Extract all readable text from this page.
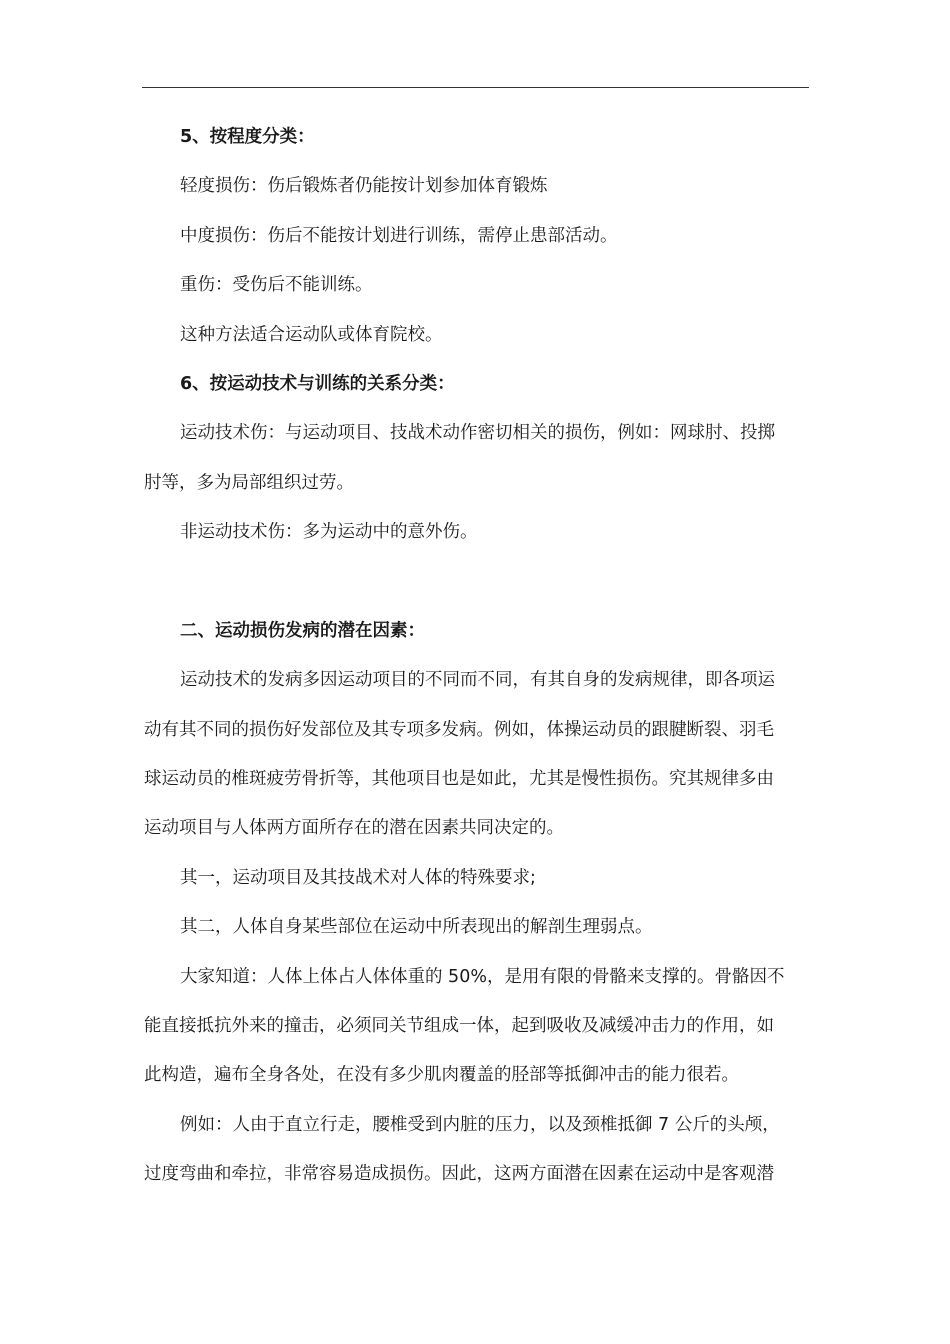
5、按程度分类：
轻度损伤：伤后锻炼者仍能按计划参加体育锻炼
中度损伤：伤后不能按计划进行训练，需停止患部活动。
重伤：受伤后不能训练。
这种方法适合运动队或体育院校。
6、按运动技术与训练的关系分类：
运动技术伤：与运动项目、技战术动作密切相关的损伤，例如：网球肘、投掷
肘等，多为局部组织过劳。
非运动技术伤：多为运动中的意外伤。
二、运动损伤发病的潜在因素：
运动技术的发病多因运动项目的不同而不同，有其自身的发病规律，即各项运
动有其不同的损伤好发部位及其专项多发病。例如，体操运动员的跟腱断裂、羽毛
球运动员的椎斑疲劳骨折等，其他项目也是如此，尤其是慢性损伤。究其规律多由
运动项目与人体两方面所存在的潜在因素共同决定的。
其一，运动项目及其技战术对人体的特殊要求;
其二，人体自身某些部位在运动中所表现出的解剖生理弱点。
大家知道：人体上体占人体体重的 50%，是用有限的骨骼来支撑的。骨骼因不
能直接抵抗外来的撞击，必须同关节组成一体，起到吸收及减缓冲击力的作用，如
此构造，遍布全身各处，在没有多少肌肉覆盖的胫部等抵御冲击的能力很若。
例如：人由于直立行走，腰椎受到内脏的压力，以及颈椎抵御 7 公斤的头颅，
过度弯曲和牵拉，非常容易造成损伤。因此，这两方面潜在因素在运动中是客观潜
